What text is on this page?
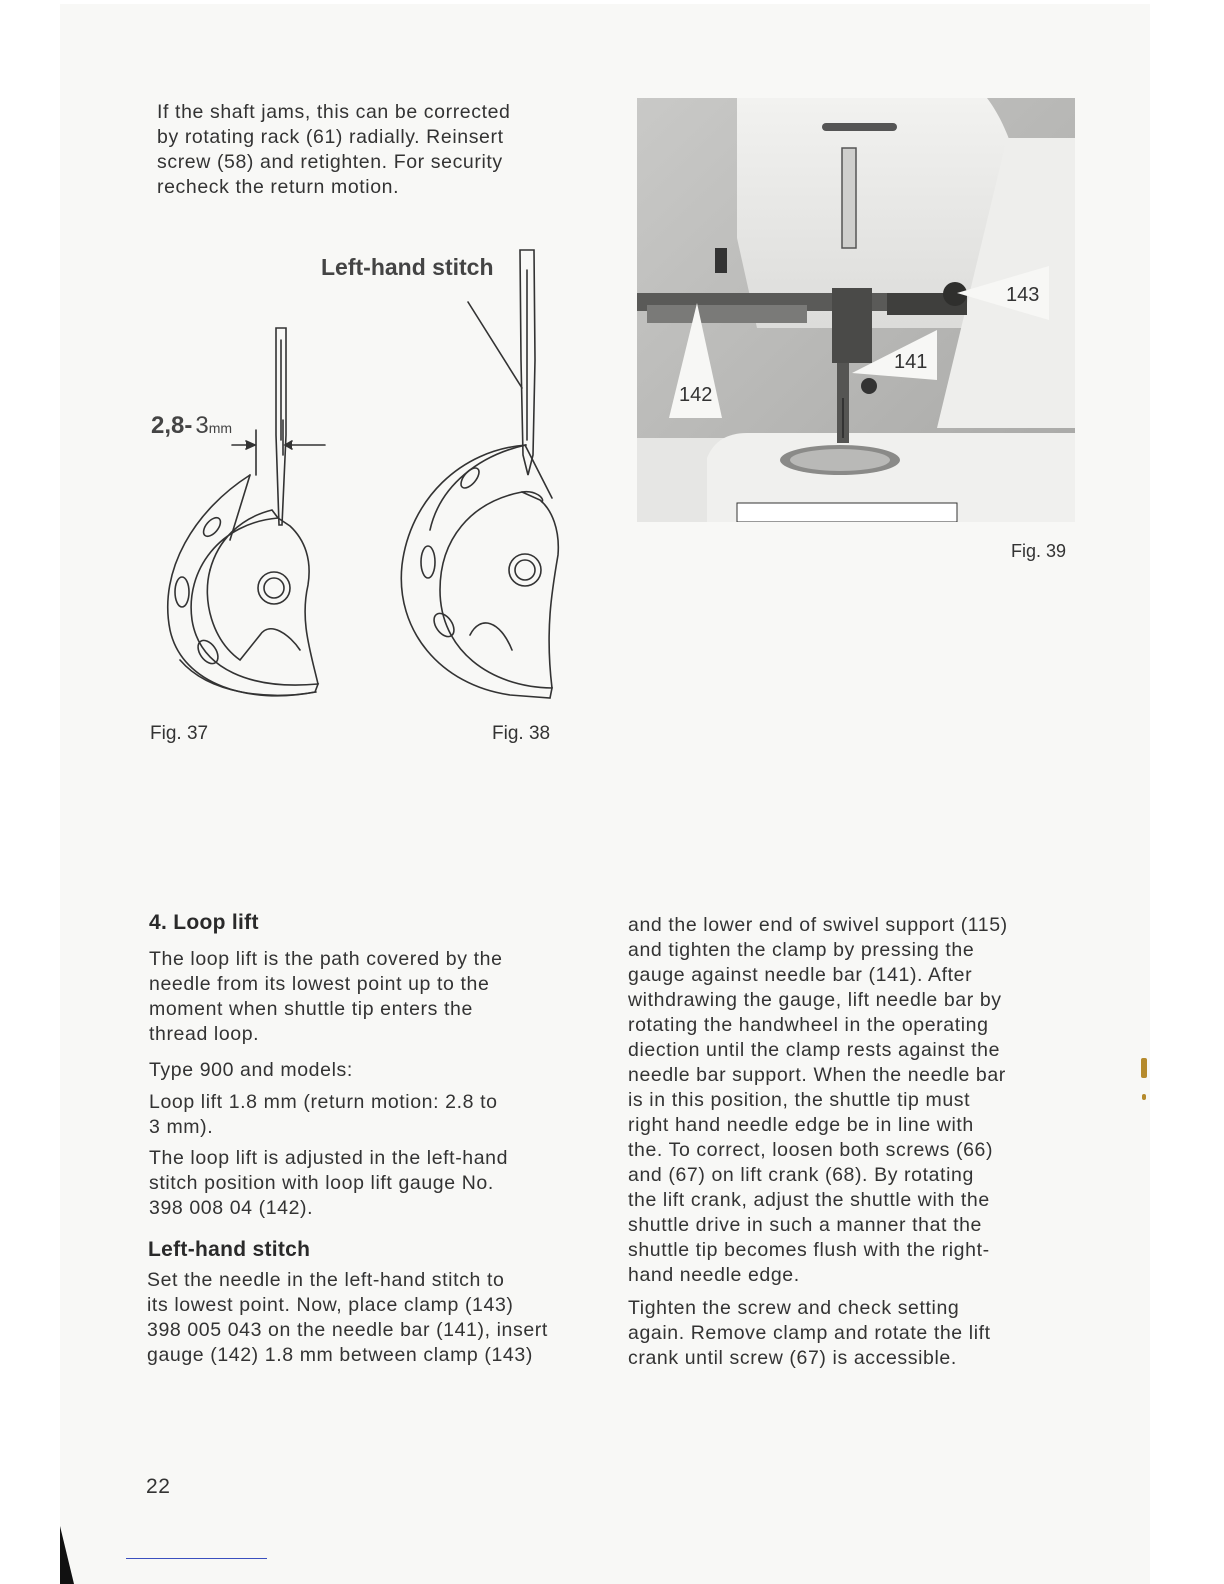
If the shaft jams, this can be corrected

by rotating rack (61) radially. Reinsert

screw (58) and retighten. For security

recheck the return motion.

Left-hand stitch

2,8- 3mm

Fig. 37	Fig. 38

143
141
142

Fig. 39

4. Loop lift

The loop lift is the path covered by the

needle from its lowest point up to the

moment when shuttle tip enters the

thread loop.

Type 900 and models:

Loop lift 1.8 mm (return motion: 2.8 to

3 mm).

The loop lift is adjusted in the left-hand

stitch position with loop lift gauge No.

398 008 04 (142).

Left-hand stitch

Set the needle in the left-hand stitch to

its lowest point. Now, place clamp (143)

398 005 043 on the needle bar (141), insert

gauge (142) 1.8 mm between clamp (143)

and the lower end of swivel support (115)

and tighten the clamp by pressing the

gauge against needle bar (141). After

withdrawing the gauge, lift needle bar by

rotating the handwheel in the operating

diection until the clamp rests against the

needle bar support. When the needle bar

is in this position, the shuttle tip must

right hand needle edge be in line with

the. To correct, loosen both screws (66)

and (67) on lift crank (68). By rotating

the lift crank, adjust the shuttle with the

shuttle drive in such a manner that the

shuttle tip becomes flush with the right-

hand needle edge.

Tighten the screw and check setting

again. Remove clamp and rotate the lift

crank until screw (67) is accessible.

22
